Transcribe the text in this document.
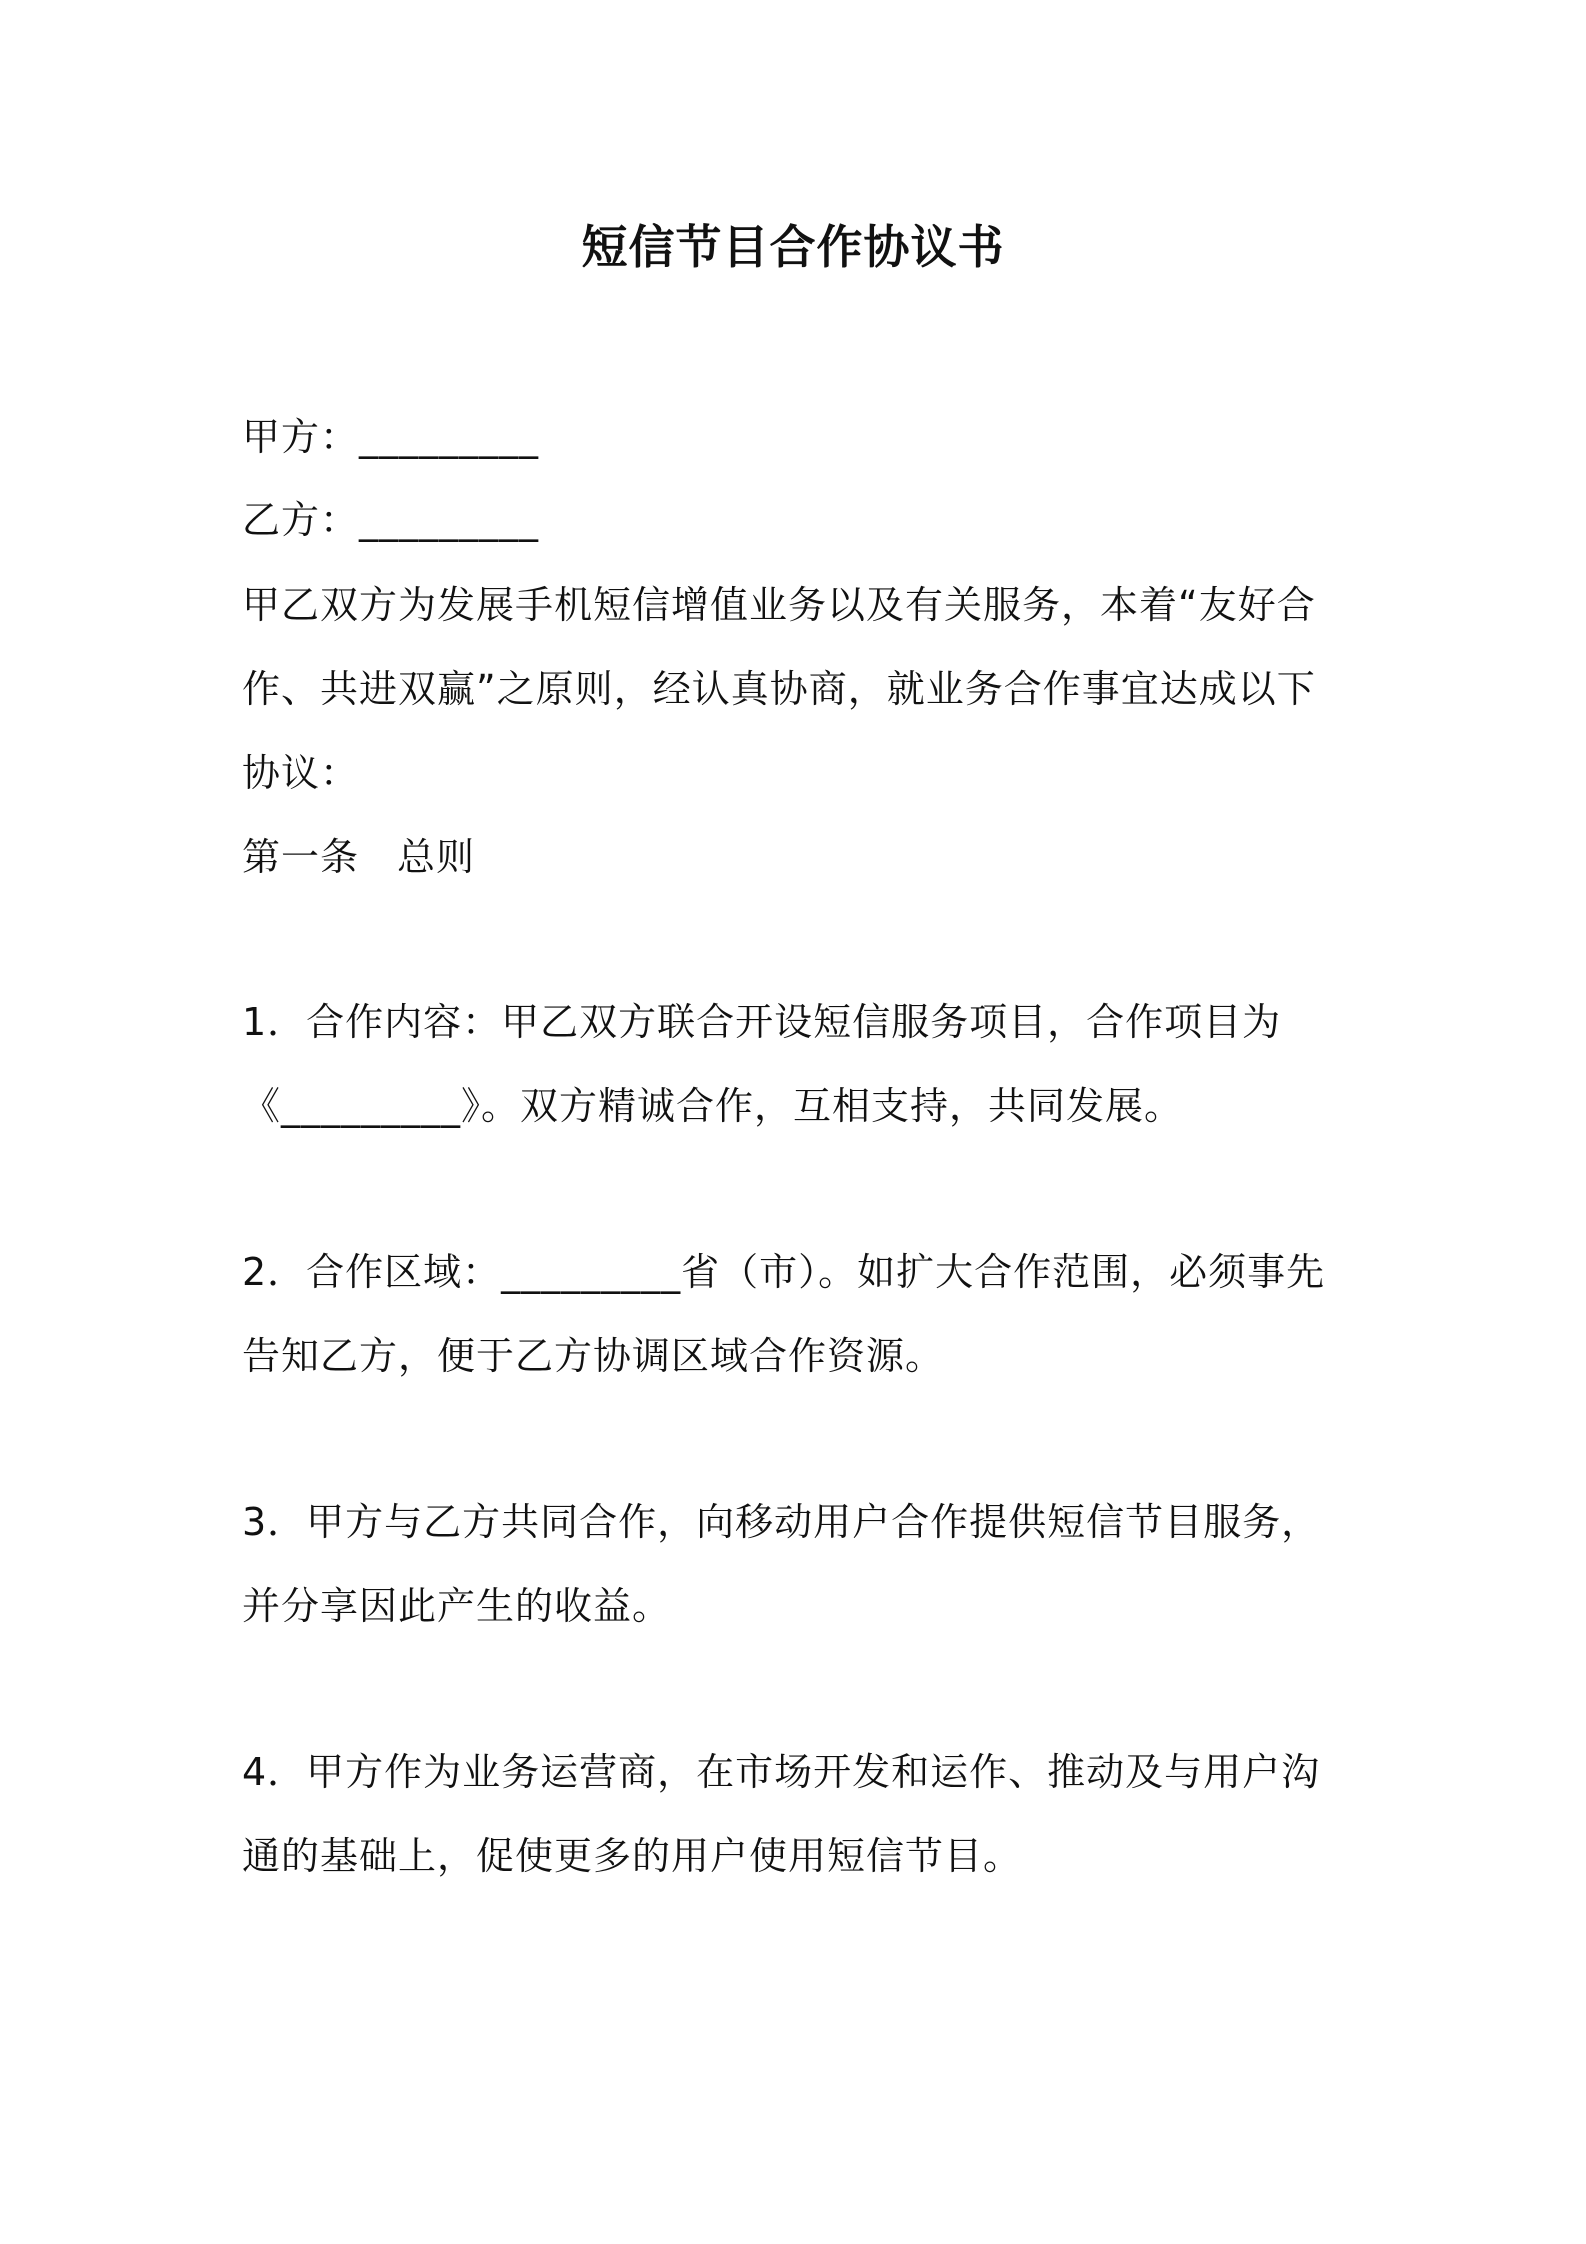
短信节目合作协议书
甲方：_________
乙方：_________
甲乙双方为发展手机短信增值业务以及有关服务，本着“友好合
作、共进双赢”之原则，经认真协商，就业务合作事宜达成以下
协议：
第一条 总则
1．合作内容：甲乙双方联合开设短信服务项目，合作项目为
《_________》。双方精诚合作，互相支持，共同发展。
2．合作区域：_________省（市）。如扩大合作范围，必须事先
告知乙方，便于乙方协调区域合作资源。
3．甲方与乙方共同合作，向移动用户合作提供短信节目服务，
并分享因此产生的收益。
4．甲方作为业务运营商，在市场开发和运作、推动及与用户沟
通的基础上，促使更多的用户使用短信节目。
